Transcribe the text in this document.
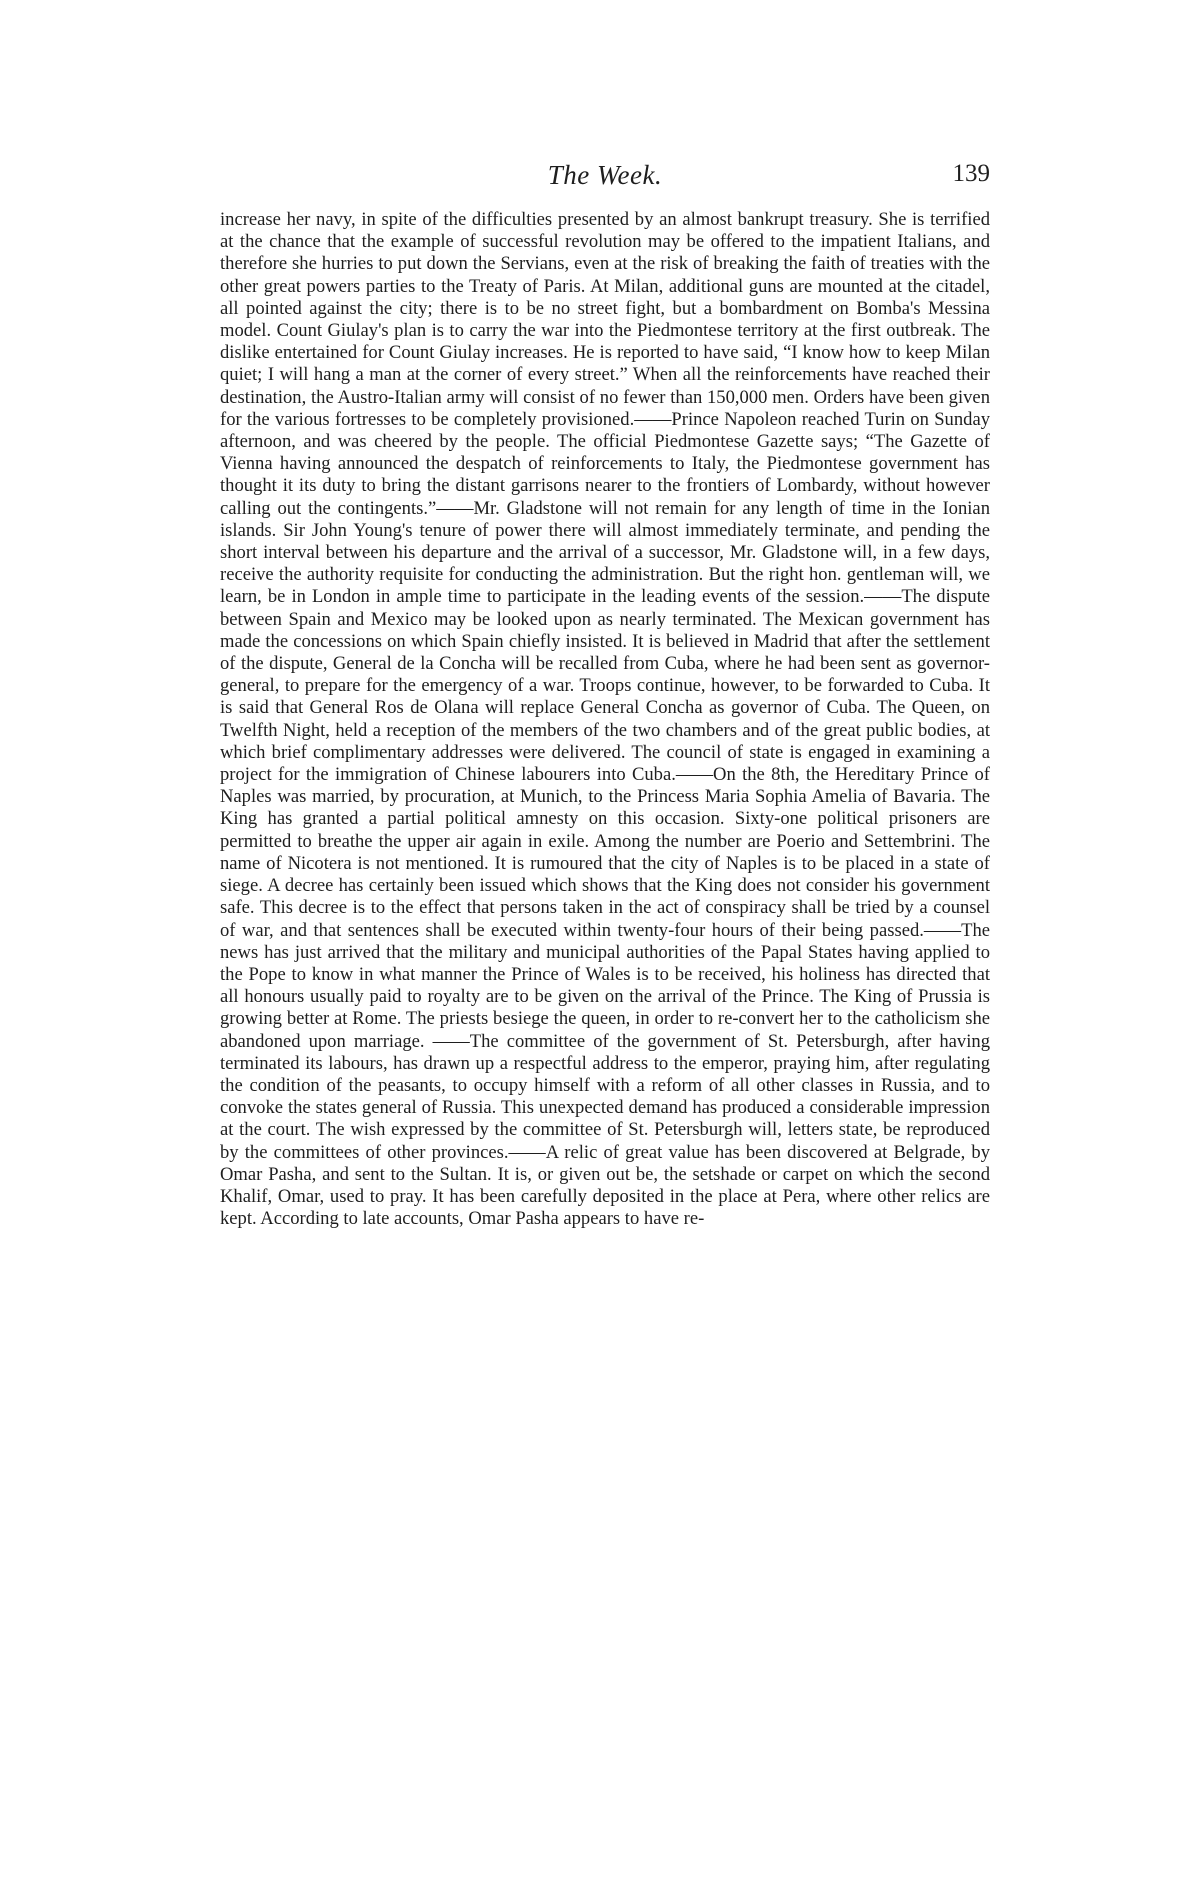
The Week.	139
increase her navy, in spite of the difficulties presented by an almost bankrupt treasury. She is terrified at the chance that the example of successful revolution may be offered to the impatient Italians, and therefore she hurries to put down the Servians, even at the risk of breaking the faith of treaties with the other great powers parties to the Treaty of Paris. At Milan, additional guns are mounted at the citadel, all pointed against the city; there is to be no street fight, but a bombardment on Bomba's Messina model. Count Giulay's plan is to carry the war into the Piedmontese territory at the first outbreak. The dislike entertained for Count Giulay increases. He is reported to have said, “I know how to keep Milan quiet; I will hang a man at the corner of every street.” When all the reinforcements have reached their destination, the Austro-Italian army will consist of no fewer than 150,000 men. Orders have been given for the various fortresses to be completely provisioned.——Prince Napoleon reached Turin on Sunday afternoon, and was cheered by the people. The official Piedmontese Gazette says; “The Gazette of Vienna having announced the despatch of reinforcements to Italy, the Piedmontese government has thought it its duty to bring the distant garrisons nearer to the frontiers of Lombardy, without however calling out the contingents.”——Mr. Gladstone will not remain for any length of time in the Ionian islands. Sir John Young's tenure of power there will almost immediately terminate, and pending the short interval between his departure and the arrival of a successor, Mr. Gladstone will, in a few days, receive the authority requisite for conducting the administration. But the right hon. gentleman will, we learn, be in London in ample time to participate in the leading events of the session.——The dispute between Spain and Mexico may be looked upon as nearly terminated. The Mexican government has made the concessions on which Spain chiefly insisted. It is believed in Madrid that after the settlement of the dispute, General de la Concha will be recalled from Cuba, where he had been sent as governor-general, to prepare for the emergency of a war. Troops continue, however, to be forwarded to Cuba. It is said that General Ros de Olana will replace General Concha as governor of Cuba. The Queen, on Twelfth Night, held a reception of the members of the two chambers and of the great public bodies, at which brief complimentary addresses were delivered. The council of state is engaged in examining a project for the immigration of Chinese labourers into Cuba.——On the 8th, the Hereditary Prince of Naples was married, by procuration, at Munich, to the Princess Maria Sophia Amelia of Bavaria. The King has granted a partial political amnesty on this occasion. Sixty-one political prisoners are permitted to breathe the upper air again in exile. Among the number are Poerio and Settembrini. The name of Nicotera is not mentioned. It is rumoured that the city of Naples is to be placed in a state of siege. A decree has certainly been issued which shows that the King does not consider his government safe. This decree is to the effect that persons taken in the act of conspiracy shall be tried by a counsel of war, and that sentences shall be executed within twenty-four hours of their being passed.——The news has just arrived that the military and municipal authorities of the Papal States having applied to the Pope to know in what manner the Prince of Wales is to be received, his holiness has directed that all honours usually paid to royalty are to be given on the arrival of the Prince. The King of Prussia is growing better at Rome. The priests besiege the queen, in order to re-convert her to the catholicism she abandoned upon marriage. ——The committee of the government of St. Petersburgh, after having terminated its labours, has drawn up a respectful address to the emperor, praying him, after regulating the condition of the peasants, to occupy himself with a reform of all other classes in Russia, and to convoke the states general of Russia. This unexpected demand has produced a considerable impression at the court. The wish expressed by the committee of St. Petersburgh will, letters state, be reproduced by the committees of other provinces.——A relic of great value has been discovered at Belgrade, by Omar Pasha, and sent to the Sultan. It is, or given out be, the setshade or carpet on which the second Khalif, Omar, used to pray. It has been carefully deposited in the place at Pera, where other relics are kept. According to late accounts, Omar Pasha appears to have re-
